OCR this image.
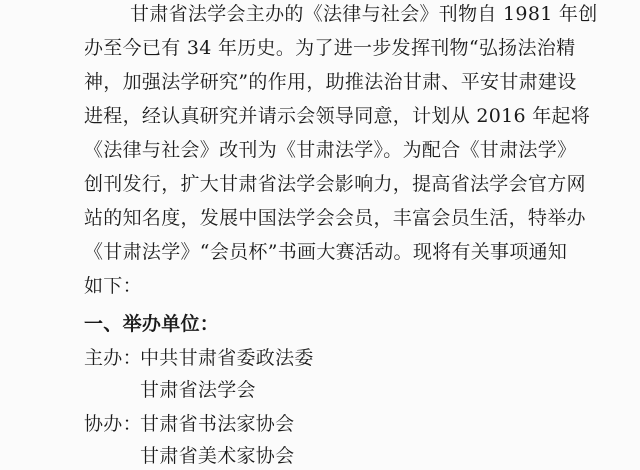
甘肃省法学会主办的《法律与社会》刊物自 1981 年创
办至今已有 34 年历史。为了进一步发挥刊物“弘扬法治精
神，加强法学研究”的作用，助推法治甘肃、平安甘肃建设
进程，经认真研究并请示会领导同意，计划从 2016 年起将
《法律与社会》改刊为《甘肃法学》。为配合《甘肃法学》
创刊发行，扩大甘肃省法学会影响力，提高省法学会官方网
站的知名度，发展中国法学会会员，丰富会员生活，特举办
《甘肃法学》“会员杯”书画大赛活动。现将有关事项通知
如下：
一、举办单位：
主办：
中共甘肃省委政法委
甘肃省法学会
协办：
甘肃省书法家协会
甘肃省美术家协会
